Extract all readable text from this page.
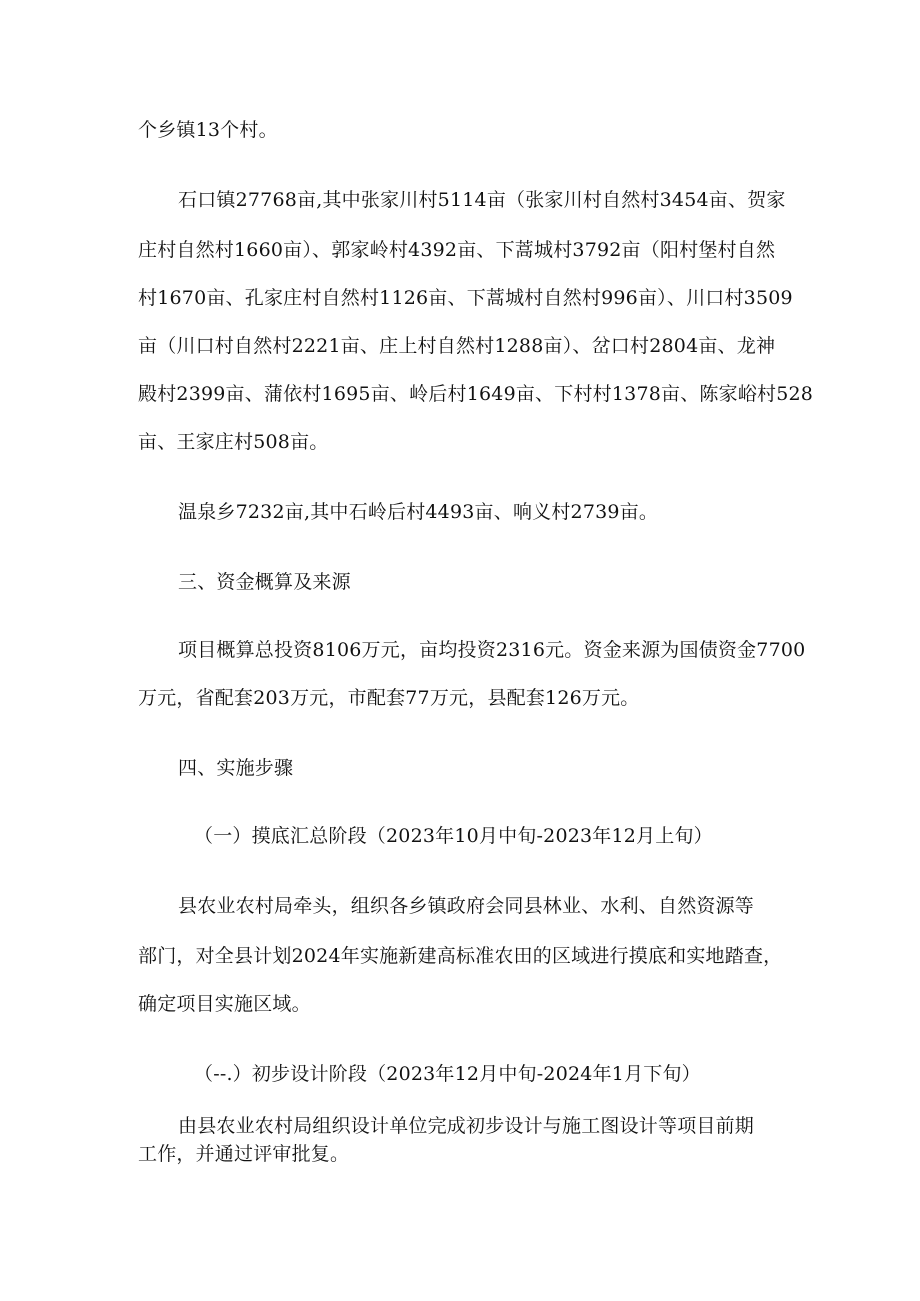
个乡镇13个村。
石口镇27768亩,其中张家川村5114亩（张家川村自然村3454亩、贺家
庄村自然村1660亩）、郭家岭村4392亩、下蒿城村3792亩（阳村堡村自然
村1670亩、孔家庄村自然村1126亩、下蒿城村自然村996亩）、川口村3509
亩（川口村自然村2221亩、庄上村自然村1288亩）、岔口村2804亩、龙神
殿村2399亩、蒲依村1695亩、岭后村1649亩、下村村1378亩、陈家峪村528
亩、王家庄村508亩。
温泉乡7232亩,其中石岭后村4493亩、响义村2739亩。
三、资金概算及来源
项目概算总投资8106万元，亩均投资2316元。资金来源为国债资金7700
万元，省配套203万元，市配套77万元，县配套126万元。
四、实施步骤
（一）摸底汇总阶段（2023年10月中旬-2023年12月上旬）
县农业农村局牵头，组织各乡镇政府会同县林业、水利、自然资源等
部门，对全县计划2024年实施新建高标准农田的区域进行摸底和实地踏查，
确定项目实施区域。
（--.）初步设计阶段（2023年12月中旬-2024年1月下旬）
由县农业农村局组织设计单位完成初步设计与施工图设计等项目前期
工作，并通过评审批复。
